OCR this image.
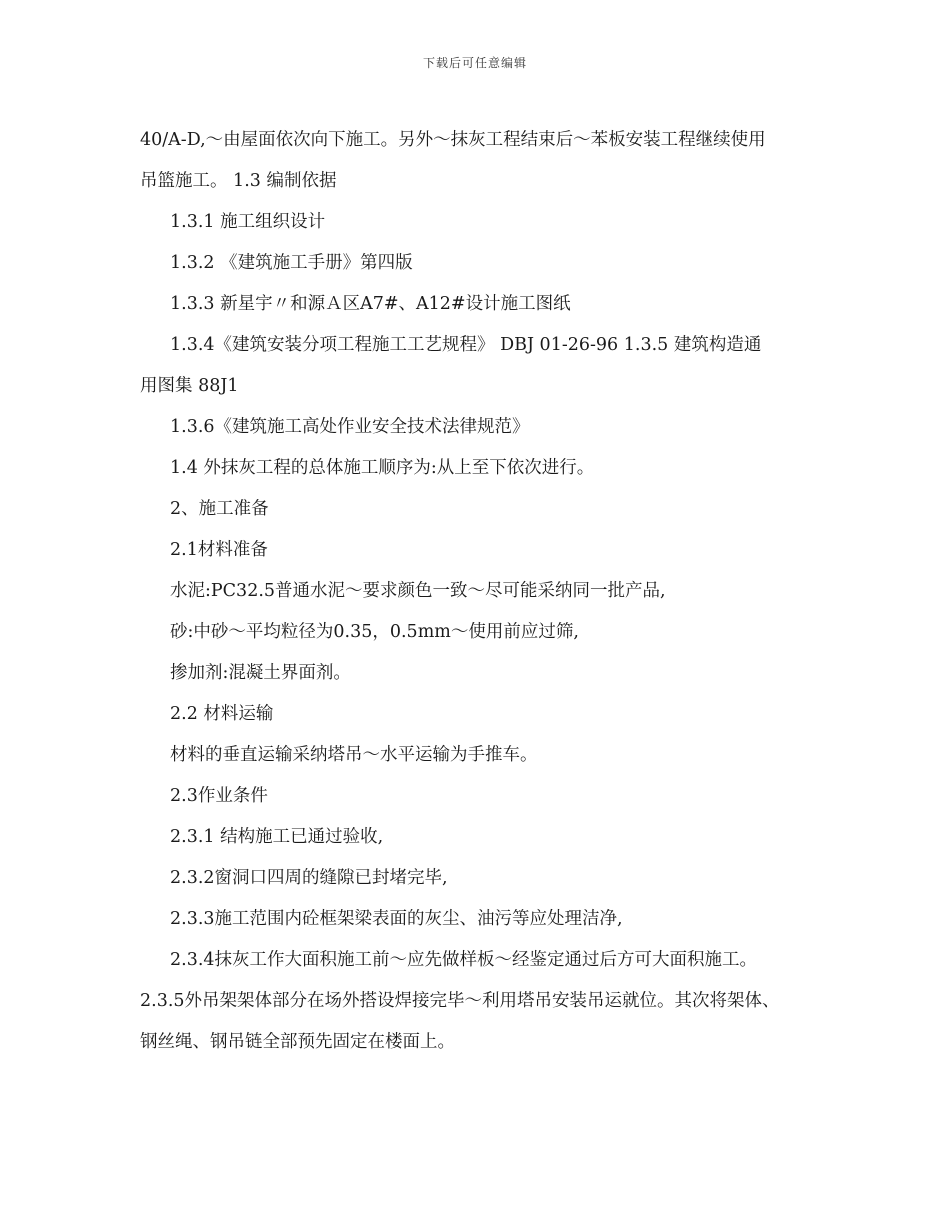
下载后可任意编辑
40/A-D,～由屋面依次向下施工。另外～抹灰工程结束后～苯板安装工程继续使用
吊篮施工。 1.3 编制依据
1.3.1 施工组织设计
1.3.2 《建筑施工手册》第四版
1.3.3 新星宇〃和源Ａ区A7#、A12#设计施工图纸
1.3.4《建筑安装分项工程施工工艺规程》 DBJ 01-26-96 1.3.5 建筑构造通
用图集 88J1
1.3.6《建筑施工高处作业安全技术法律规范》
1.4 外抹灰工程的总体施工顺序为:从上至下依次进行。
2、施工准备
2.1材料准备
水泥:PC32.5普通水泥～要求颜色一致～尽可能采纳同一批产品,
砂:中砂～平均粒径为0.35，0.5mm～使用前应过筛,
掺加剂:混凝土界面剂。
2.2 材料运输
材料的垂直运输采纳塔吊～水平运输为手推车。
2.3作业条件
2.3.1 结构施工已通过验收,
2.3.2窗洞口四周的缝隙已封堵完毕,
2.3.3施工范围内砼框架梁表面的灰尘、油污等应处理洁净,
2.3.4抹灰工作大面积施工前～应先做样板～经鉴定通过后方可大面积施工。
2.3.5外吊架架体部分在场外搭设焊接完毕～利用塔吊安装吊运就位。其次将架体、
钢丝绳、钢吊链全部预先固定在楼面上。
